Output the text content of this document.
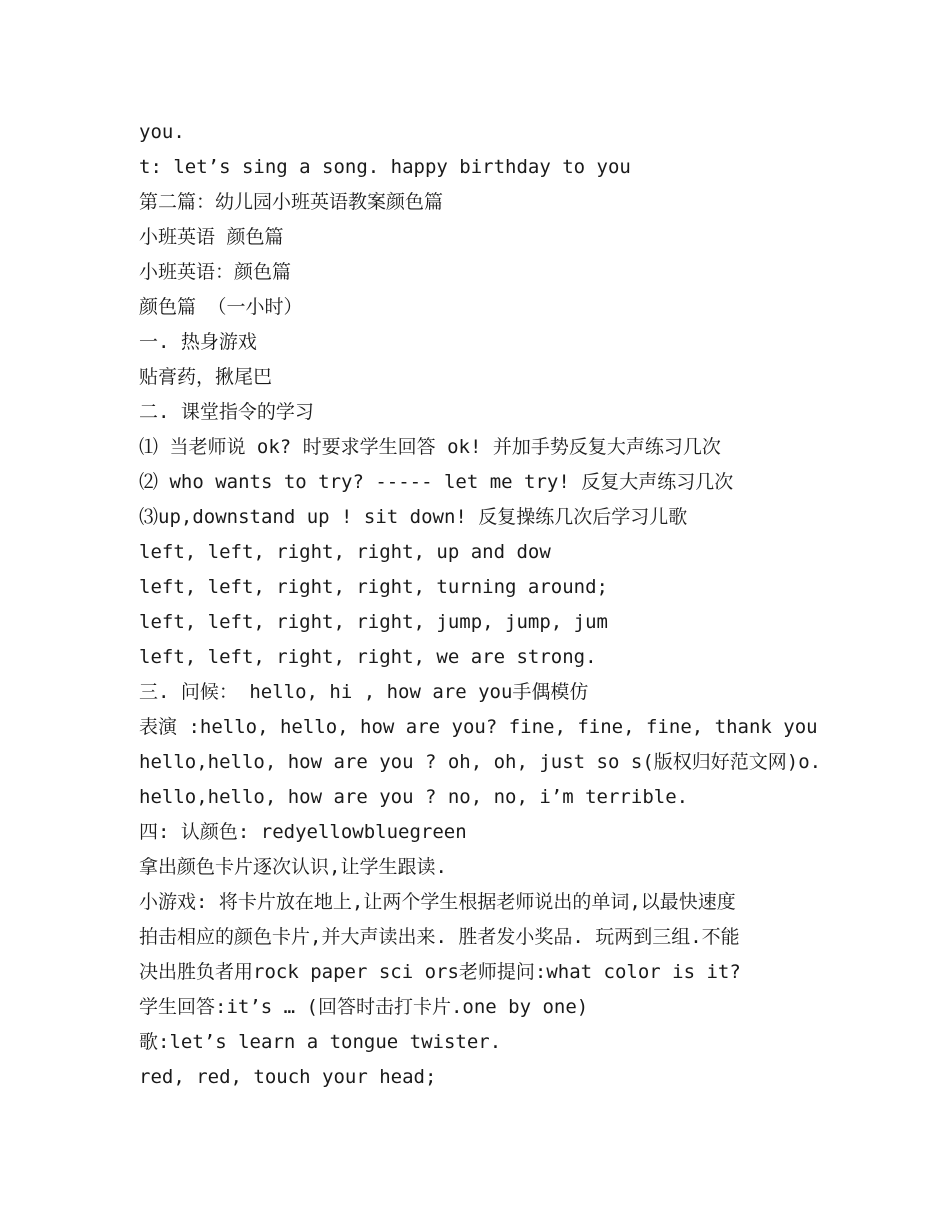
you.
t: let’s sing a song. happy birthday to you
第二篇：幼儿园小班英语教案颜色篇
小班英语 颜色篇
小班英语：颜色篇
颜色篇 （一小时）
一. 热身游戏
贴膏药，揪尾巴
二. 课堂指令的学习
⑴ 当老师说 ok? 时要求学生回答 ok! 并加手势反复大声练习几次
⑵ who wants to try? ----- let me try! 反复大声练习几次
⑶up,downstand up ! sit down! 反复操练几次后学习儿歌
left, left, right, right, up and dow
left, left, right, right, turning around;
left, left, right, right, jump, jump, jum
left, left, right, right, we are strong.
三. 问候： hello, hi , how are you手偶模仿
表演 :hello, hello, how are you? fine, fine, fine, thank you
hello,hello, how are you ? oh, oh, just so s(版权归好范文网)o.
hello,hello, how are you ? no, no, i’m terrible.
四: 认颜色: redyellowbluegreen
拿出颜色卡片逐次认识,让学生跟读.
小游戏: 将卡片放在地上,让两个学生根据老师说出的单词,以最快速度
拍击相应的颜色卡片,并大声读出来. 胜者发小奖品. 玩两到三组.不能
决出胜负者用rock paper sci ors老师提问:what color is it?
学生回答:it’s … (回答时击打卡片.one by one)
歌:let’s learn a tongue twister.
red, red, touch your head;
